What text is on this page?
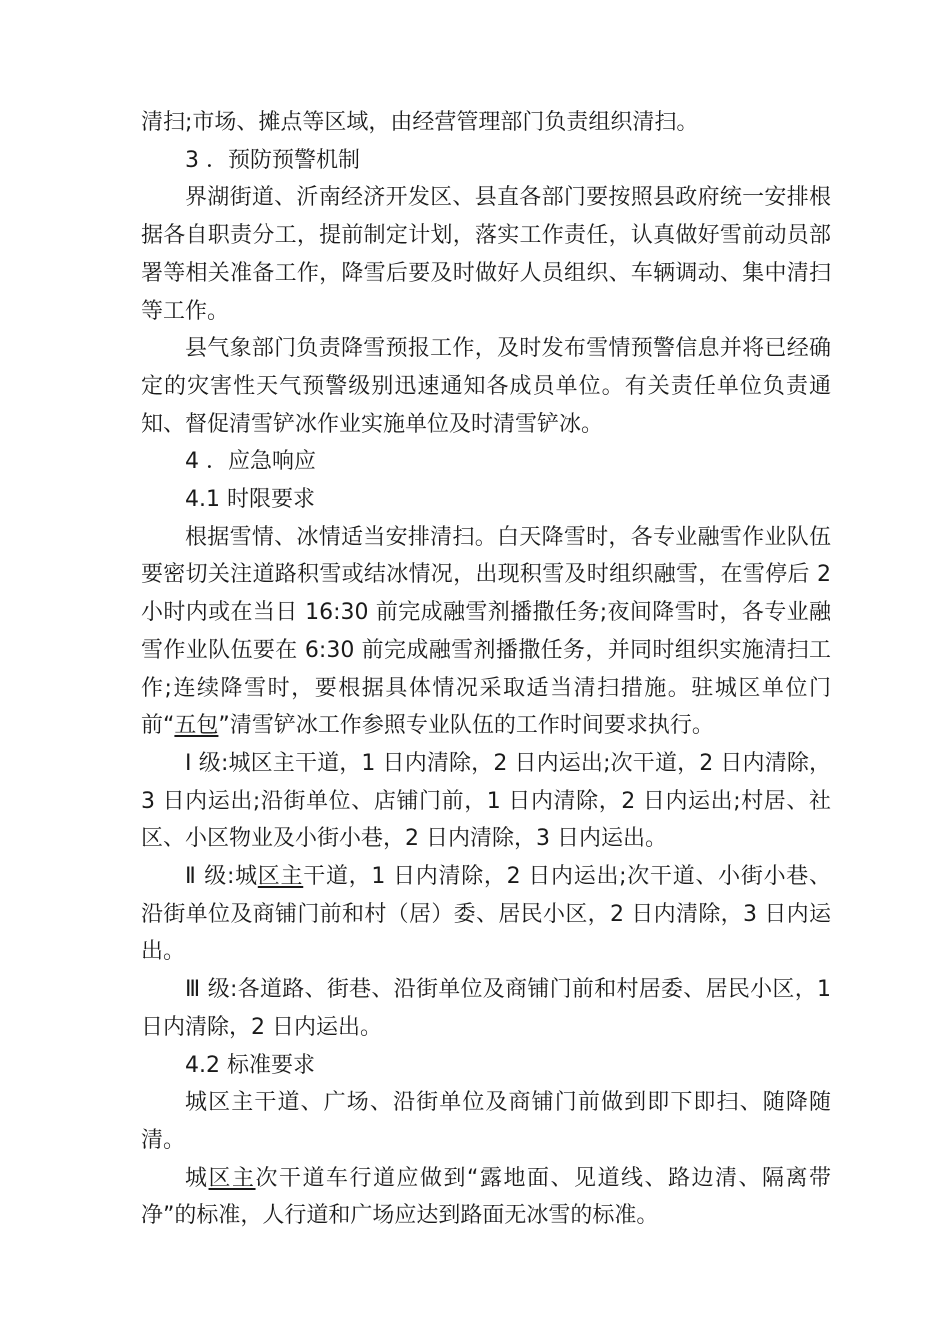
清扫;市场、摊点等区域，由经营管理部门负责组织清扫。

3 ．预防预警机制

界湖街道、沂南经济开发区、县直各部门要按照县政府统一安排根据各自职责分工，提前制定计划，落实工作责任，认真做好雪前动员部署等相关准备工作，降雪后要及时做好人员组织、车辆调动、集中清扫等工作。

县气象部门负责降雪预报工作，及时发布雪情预警信息并将已经确定的灾害性天气预警级别迅速通知各成员单位。有关责任单位负责通知、督促清雪铲冰作业实施单位及时清雪铲冰。

4 ．应急响应

4.1 时限要求

根据雪情、冰情适当安排清扫。白天降雪时，各专业融雪作业队伍要密切关注道路积雪或结冰情况，出现积雪及时组织融雪，在雪停后 2 小时内或在当日 16:30 前完成融雪剂播撒任务;夜间降雪时，各专业融雪作业队伍要在 6:30 前完成融雪剂播撒任务，并同时组织实施清扫工作;连续降雪时，要根据具体情况采取适当清扫措施。驻城区单位门前“五包”清雪铲冰工作参照专业队伍的工作时间要求执行。

Ⅰ 级:城区主干道，1 日内清除，2 日内运出;次干道，2 日内清除，3 日内运出;沿街单位、店铺门前，1 日内清除，2 日内运出;村居、社区、小区物业及小街小巷，2 日内清除，3 日内运出。

Ⅱ 级:城区主干道，1 日内清除，2 日内运出;次干道、小街小巷、沿街单位及商铺门前和村（居）委、居民小区，2 日内清除，3 日内运出。

Ⅲ 级:各道路、街巷、沿街单位及商铺门前和村居委、居民小区，1 日内清除，2 日内运出。

4.2 标准要求

城区主干道、广场、沿街单位及商铺门前做到即下即扫、随降随清。

城区主次干道车行道应做到“露地面、见道线、路边清、隔离带净”的标准，人行道和广场应达到路面无冰雪的标准。
